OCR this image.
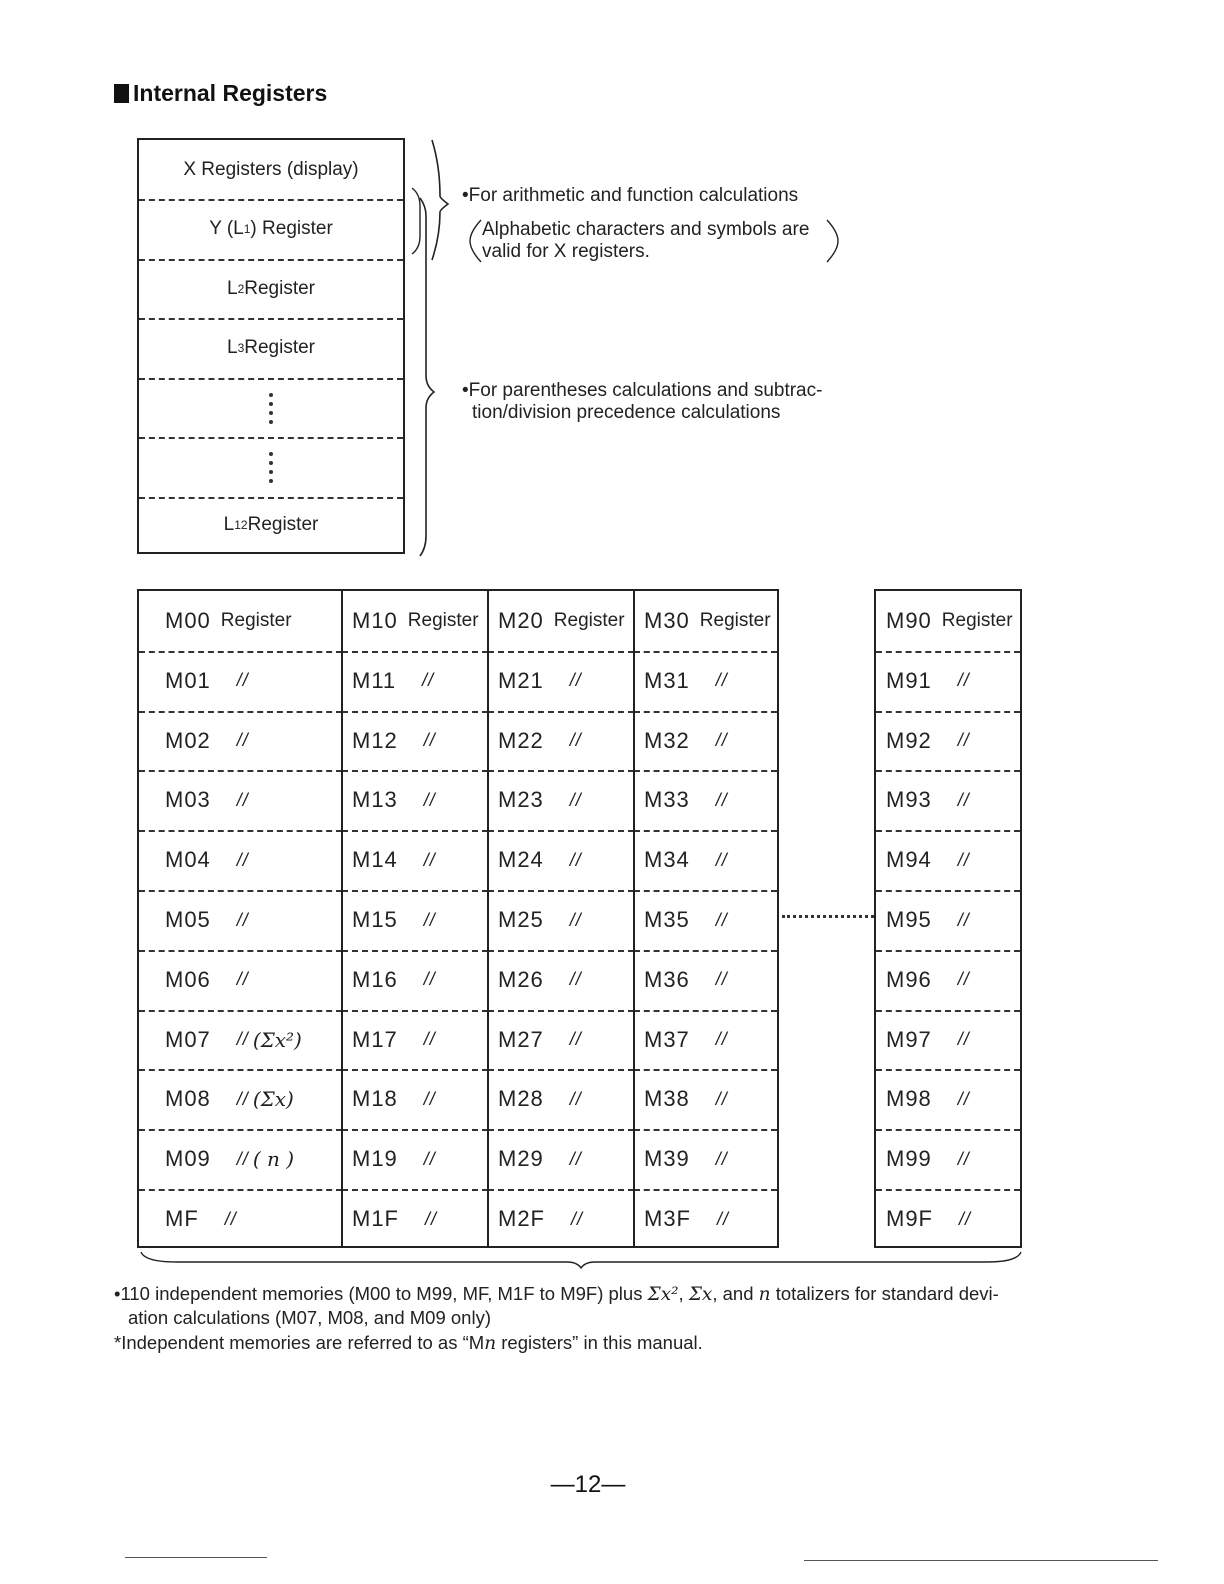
Internal Registers
X Registers (display)
Y (L 1 ) Register
L 2 Register
L 3 Register
L 12 Register
•For arithmetic and function calculations
Alphabetic characters and symbols are
valid for X registers.
•For parentheses calculations and subtrac-
tion/division precedence calculations
M00 Register
M01 //
M02 //
M03 //
M04 //
M05 //
M06 //
M07 // (Σx²)
M08 // (Σx)
M09 // ( n )
MF //
M10 Register
M11 //
M12 //
M13 //
M14 //
M15 //
M16 //
M17 //
M18 //
M19 //
M1F //
M20 Register
M21 //
M22 //
M23 //
M24 //
M25 //
M26 //
M27 //
M28 //
M29 //
M2F //
M30 Register
M31 //
M32 //
M33 //
M34 //
M35 //
M36 //
M37 //
M38 //
M39 //
M3F //
M90 Register
M91 //
M92 //
M93 //
M94 //
M95 //
M96 //
M97 //
M98 //
M99 //
M9F //
•110 independent memories (M00 to M99, MF, M1F to M9F) plus Σx², Σx, and n totalizers for standard devi-
ation calculations (M07, M08, and M09 only)
*Independent memories are referred to as “Mn registers” in this manual.
—12—
